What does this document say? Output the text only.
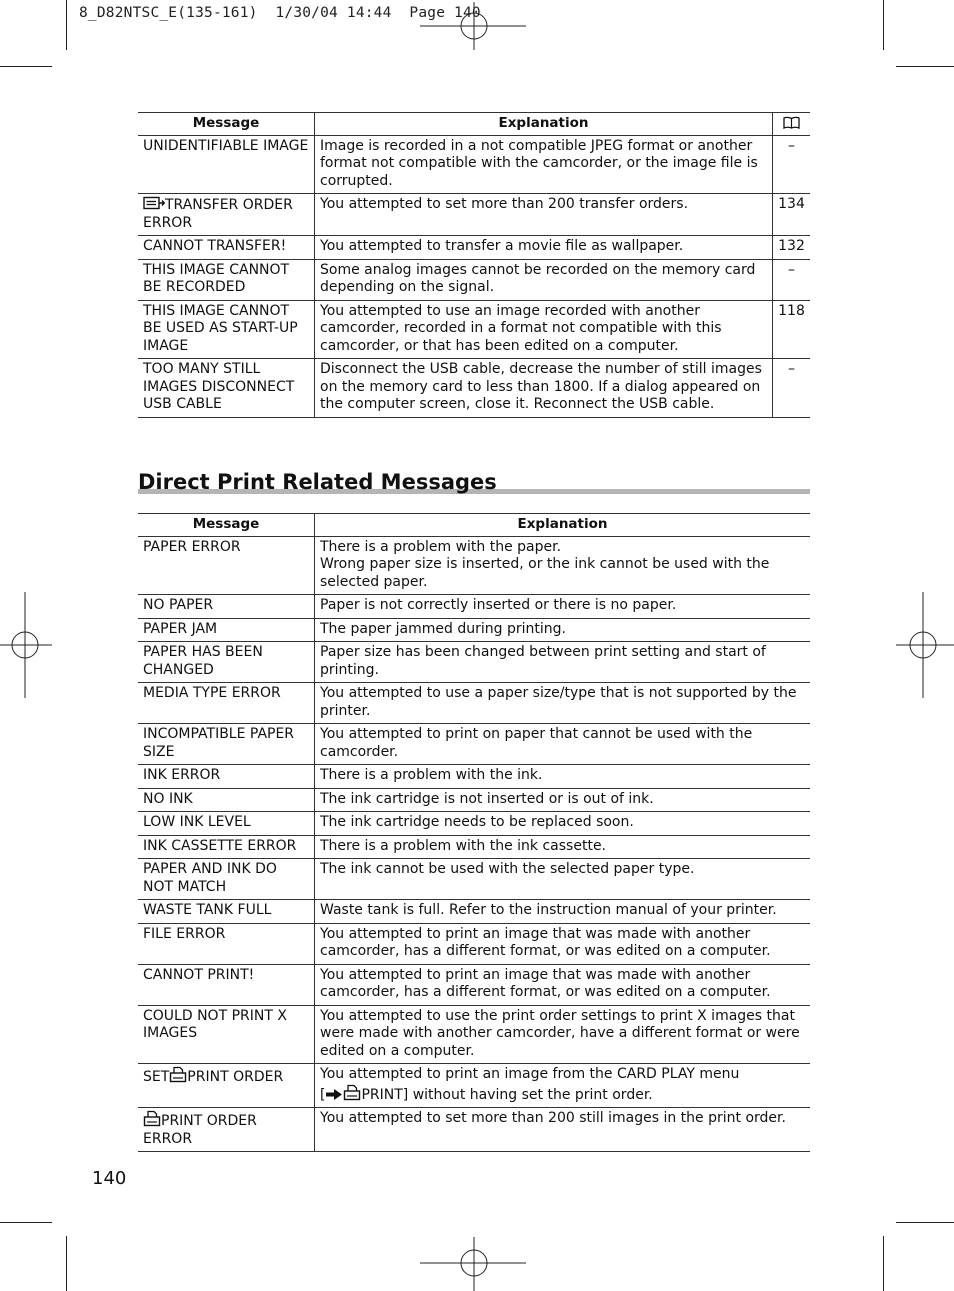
8_D82NTSC_E(135-161)  1/30/04 14:44  Page 140
Message	Explanation	
UNIDENTIFIABLE IMAGE	Image is recorded in a not compatible JPEG format or another format not compatible with the camcorder, or the image file is corrupted.	–
TRANSFER ORDER ERROR	You attempted to set more than 200 transfer orders.	134
CANNOT TRANSFER!	You attempted to transfer a movie file as wallpaper.	132
THIS IMAGE CANNOT BE RECORDED	Some analog images cannot be recorded on the memory card depending on the signal.	–
THIS IMAGE CANNOT BE USED AS START-UP IMAGE	You attempted to use an image recorded with another camcorder, recorded in a format not compatible with this camcorder, or that has been edited on a computer.	118
TOO MANY STILL IMAGES DISCONNECT USB CABLE	Disconnect the USB cable, decrease the number of still images on the memory card to less than 1800. If a dialog appeared on the computer screen, close it. Reconnect the USB cable.	–
Direct Print Related Messages
Message	Explanation
PAPER ERROR	There is a problem with the paper.
Wrong paper size is inserted, or the ink cannot be used with the selected paper.
NO PAPER	Paper is not correctly inserted or there is no paper.
PAPER JAM	The paper jammed during printing.
PAPER HAS BEEN CHANGED	Paper size has been changed between print setting and start of printing.
MEDIA TYPE ERROR	You attempted to use a paper size/type that is not supported by the printer.
INCOMPATIBLE PAPER SIZE	You attempted to print on paper that cannot be used with the camcorder.
INK ERROR	There is a problem with the ink.
NO INK	The ink cartridge is not inserted or is out of ink.
LOW INK LEVEL	The ink cartridge needs to be replaced soon.
INK CASSETTE ERROR	There is a problem with the ink cassette.
PAPER AND INK DO NOT MATCH	The ink cannot be used with the selected paper type.
WASTE TANK FULL	Waste tank is full. Refer to the instruction manual of your printer.
FILE ERROR	You attempted to print an image that was made with another camcorder, has a different format, or was edited on a computer.
CANNOT PRINT!	You attempted to print an image that was made with another camcorder, has a different format, or was edited on a computer.
COULD NOT PRINT X IMAGES	You attempted to use the print order settings to print X images that were made with another camcorder, have a different format or were edited on a computer.
SET PRINT ORDER	You attempted to print an image from the CARD PLAY menu
[ PRINT] without having set the print order.
PRINT ORDER ERROR	You attempted to set more than 200 still images in the print order.
140
